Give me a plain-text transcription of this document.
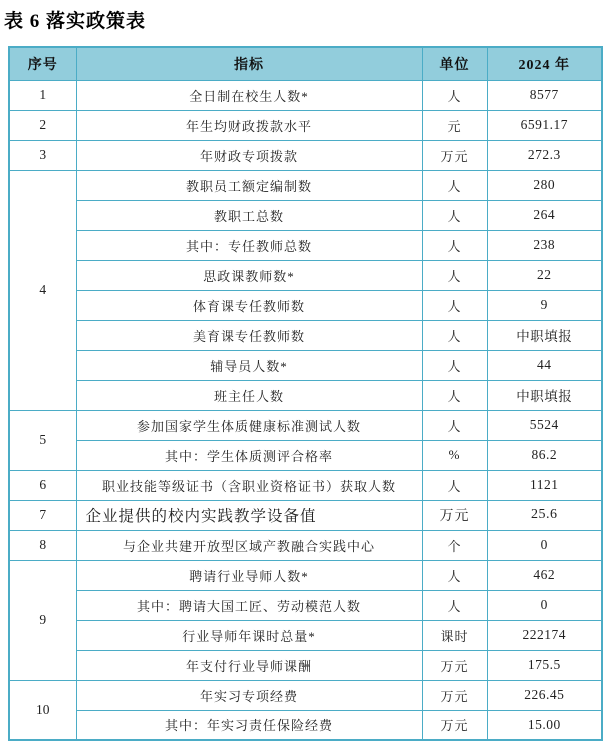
表 6 落实政策表
序号	指标	单位	2024 年
1	全日制在校生人数*	人	8577
2	年生均财政拨款水平	元	6591.17
3	年财政专项拨款	万元	272.3
4	教职员工额定编制数	人	280
	教职工总数	人	264
	其中：专任教师总数	人	238
	思政课教师数*	人	22
	体育课专任教师数	人	9
	美育课专任教师数	人	中职填报
	辅导员人数*	人	44
	班主任人数	人	中职填报
5	参加国家学生体质健康标准测试人数	人	5524
	其中：学生体质测评合格率	%	86.2
6	职业技能等级证书（含职业资格证书）获取人数	人	1121
7	企业提供的校内实践教学设备值	万元	25.6
8	与企业共建开放型区域产教融合实践中心	个	0
9	聘请行业导师人数*	人	462
	其中：聘请大国工匠、劳动模范人数	人	0
	行业导师年课时总量*	课时	222174
	年支付行业导师课酬	万元	175.5
10	年实习专项经费	万元	226.45
	其中：年实习责任保险经费	万元	15.00
